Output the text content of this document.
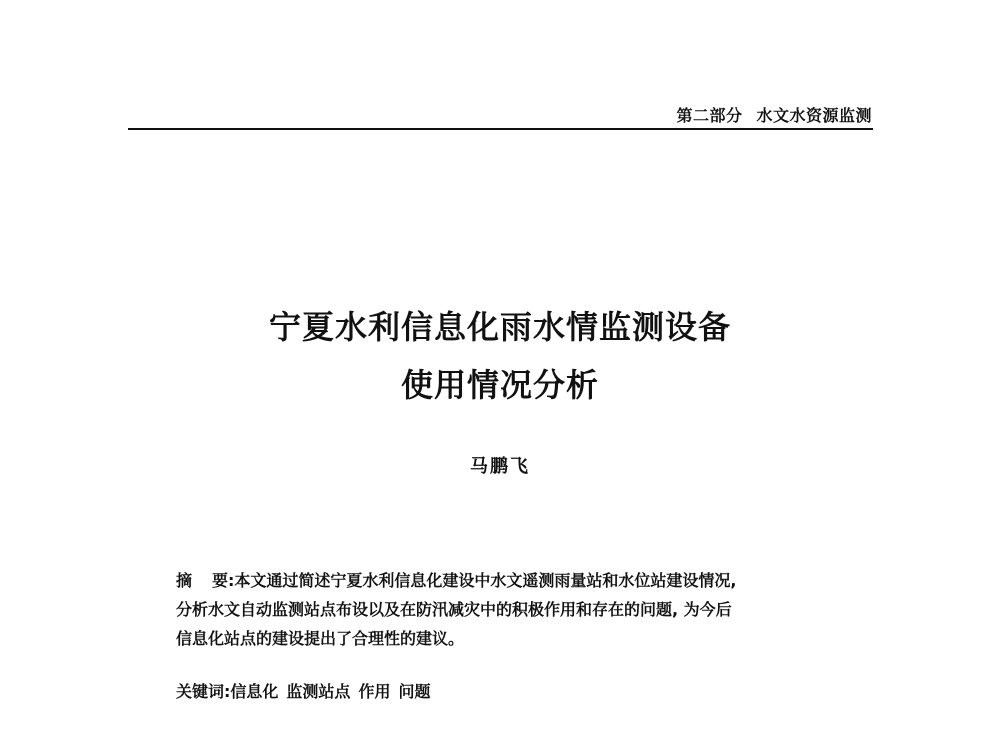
第二部分 水文水资源监测
宁夏水利信息化雨水情监测设备
使用情况分析
马鹏飞
摘 要:本文通过简述宁夏水利信息化建设中水文遥测雨量站和水位站建设情况,
分析水文自动监测站点布设以及在防汛减灾中的积极作用和存在的问题, 为今后
信息化站点的建设提出了合理性的建议。
关键词:信息化 监测站点 作用 问题
